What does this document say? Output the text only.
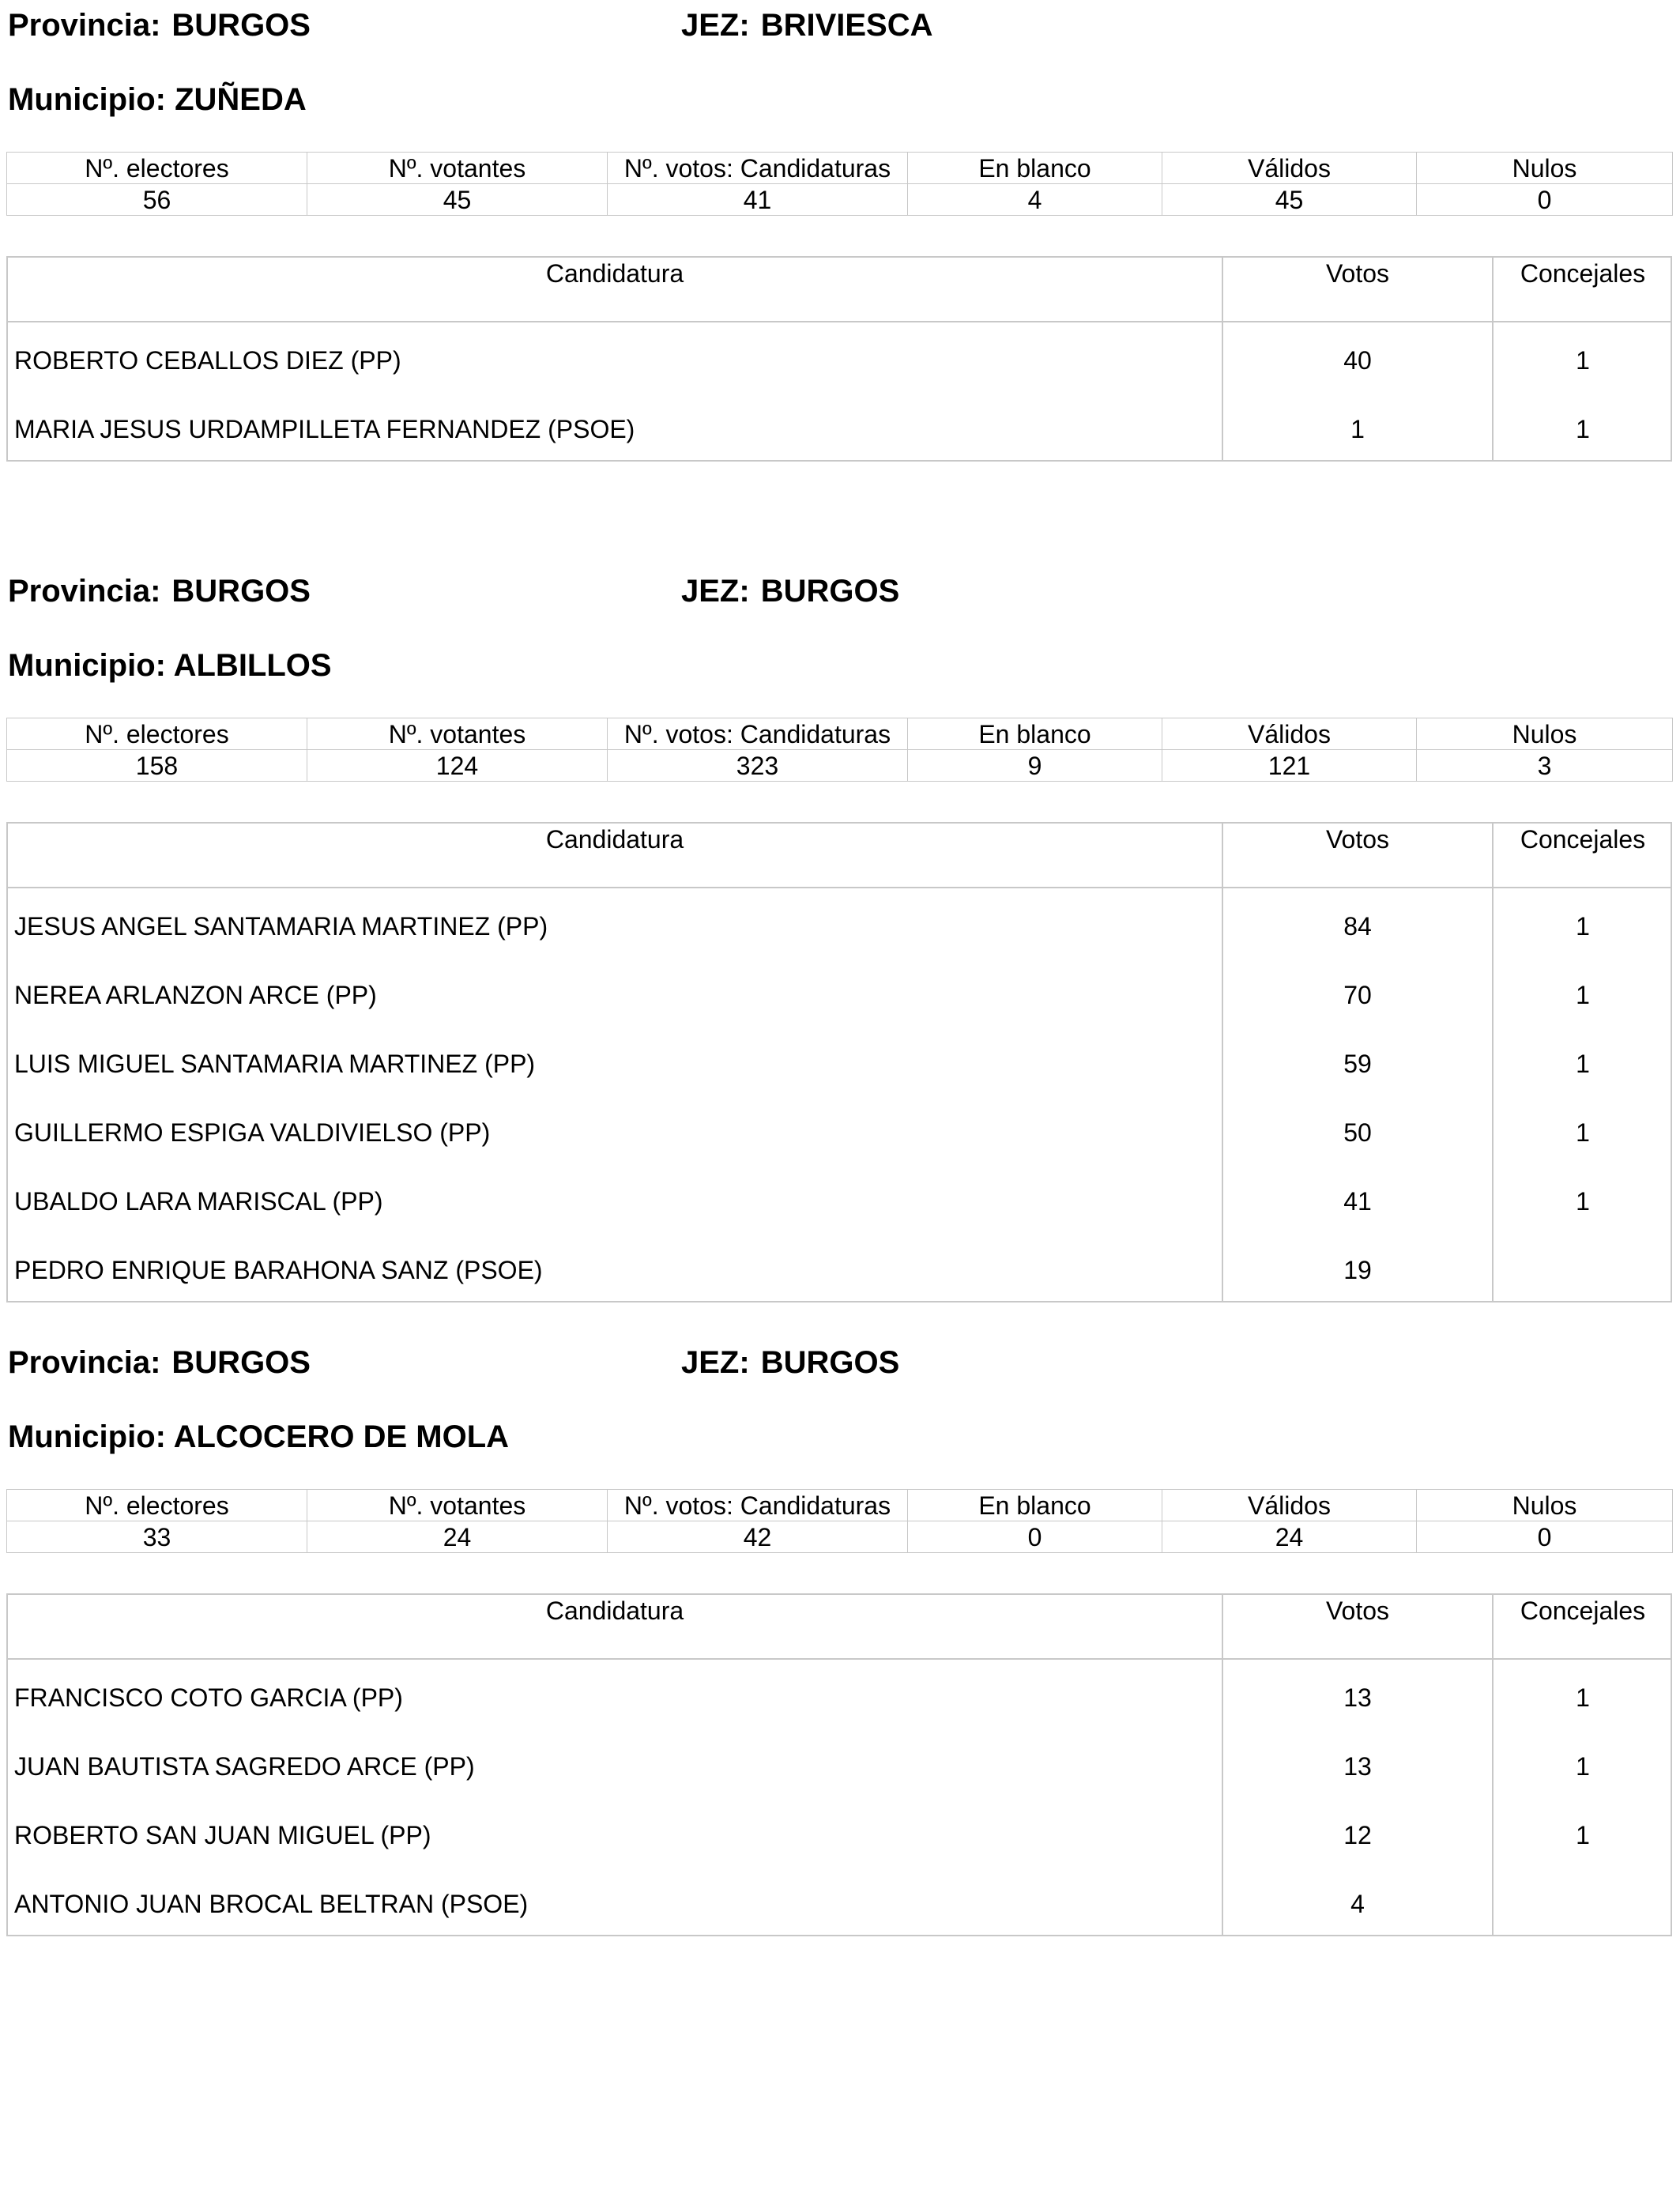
Provincia: BURGOS	JEZ: BRIVIESCA
Municipio: ZUÑEDA
Nº. electores	Nº. votantes	Nº. votos: Candidaturas	En blanco	Válidos	Nulos
56	45	41	4	45	0
Candidatura	Votos	Concejales
ROBERTO CEBALLOS DIEZ (PP)	40	1
MARIA JESUS URDAMPILLETA FERNANDEZ (PSOE)	1	1
Provincia: BURGOS	JEZ: BURGOS
Municipio: ALBILLOS
Nº. electores	Nº. votantes	Nº. votos: Candidaturas	En blanco	Válidos	Nulos
158	124	323	9	121	3
Candidatura	Votos	Concejales
JESUS ANGEL SANTAMARIA MARTINEZ (PP)	84	1
NEREA ARLANZON ARCE (PP)	70	1
LUIS MIGUEL SANTAMARIA MARTINEZ (PP)	59	1
GUILLERMO ESPIGA VALDIVIELSO (PP)	50	1
UBALDO LARA MARISCAL (PP)	41	1
PEDRO ENRIQUE BARAHONA SANZ (PSOE)	19
Provincia: BURGOS	JEZ: BURGOS
Municipio: ALCOCERO DE MOLA
Nº. electores	Nº. votantes	Nº. votos: Candidaturas	En blanco	Válidos	Nulos
33	24	42	0	24	0
Candidatura	Votos	Concejales
FRANCISCO COTO GARCIA (PP)	13	1
JUAN BAUTISTA SAGREDO ARCE (PP)	13	1
ROBERTO SAN JUAN MIGUEL (PP)	12	1
ANTONIO JUAN BROCAL BELTRAN (PSOE)	4
